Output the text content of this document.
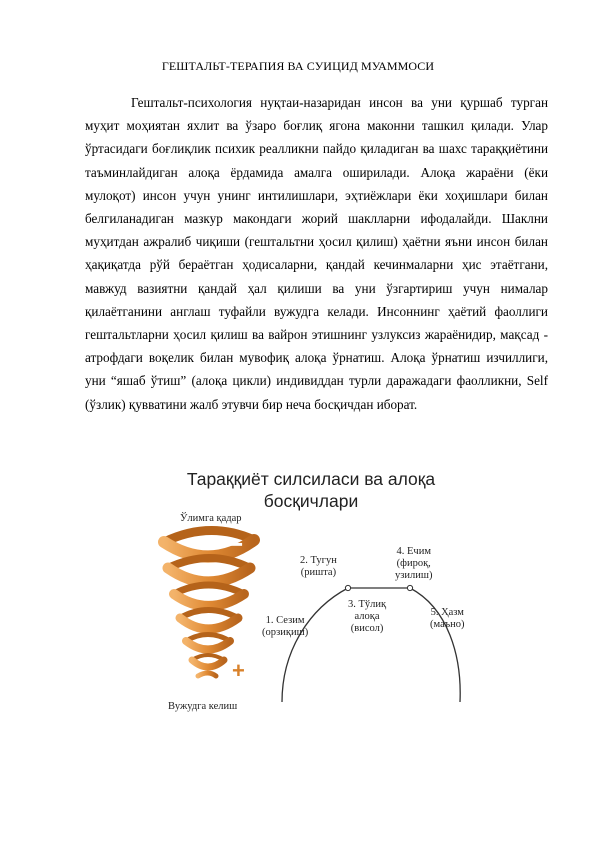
ГЕШТАЛЬТ-ТЕРАПИЯ ВА СУИЦИД МУАММОСИ

Гештальт-психология нуқтаи-назаридан инсон ва уни қуршаб турган муҳит моҳиятан яхлит ва ўзаро боғлиқ ягона маконни ташкил қилади. Улар ўртасидаги боғлиқлик психик реалликни пайдо қиладиган ва шахс тараққиётини таъминлайдиган алоқа ёрдамида амалга оширилади. Алоқа жараёни (ёки мулоқот) инсон учун унинг интилишлари, эҳтиёжлари ёки хоҳишлари билан белгиланадиган мазкур макондаги жорий шаклларни ифодалайди. Шаклни муҳитдан ажралиб чиқиши (гештальтни ҳосил қилиш) ҳаётни яъни инсон билан ҳақиқатда рўй бераётган ҳодисаларни, қандай кечинмаларни ҳис этаётгани, мавжуд вазиятни қандай ҳал қилиши ва уни ўзгартириш учун нималар қилаётганини англаш туфайли вужудга келади. Инсоннинг ҳаётий фаоллиги гештальтларни ҳосил қилиш ва вайрон этишнинг узлуксиз жараёнидир, мақсад - атрофдаги воқелик билан мувофиқ алоқа ўрнатиш. Алоқа ўрнатиш изчиллиги, уни “яшаб ўтиш” (алоқа цикли) индивиддан турли даражадаги фаолликни, Self (ўзлик) қувватини жалб этувчи бир неча босқичдан иборат.

Тараққиёт силсиласи ва алоқа
босқичлари
Ўлимга қадар
−
+
Вужудга келиш
1. Сезим
(орзиқиш)
2. Тугун
(ришта)
3. Тўлиқ
алоқа
(висол)
4. Ечим
(фироқ,
узилиш)
5. Ҳазм
(маъно)
